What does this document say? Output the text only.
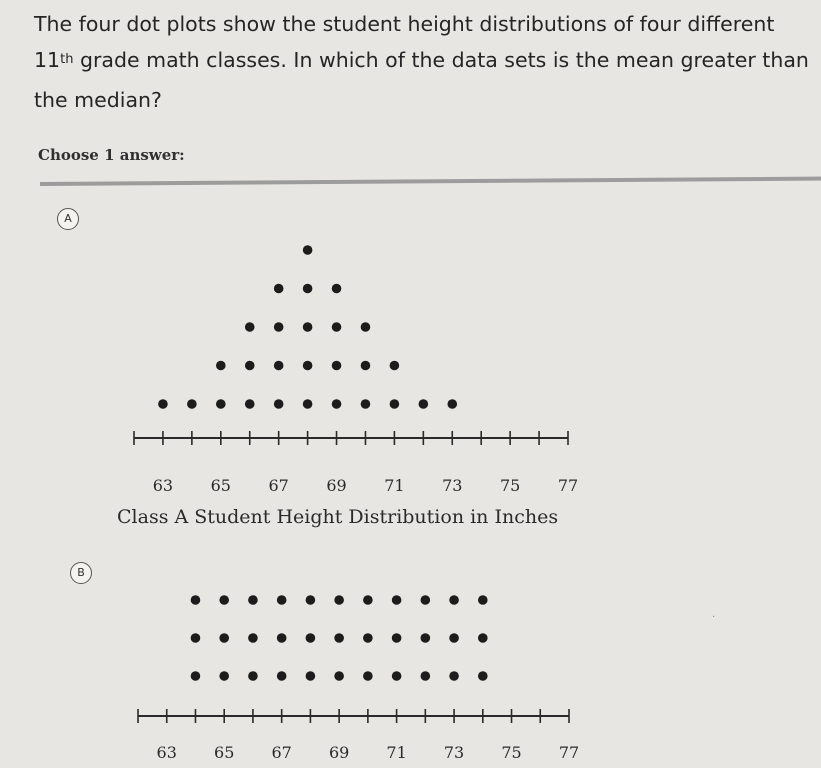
The four dot plots show the student height distributions of four different
11th grade math classes. In which of the data sets is the mean greater than
the median?
Choose 1 answer:
A
63 65 67 69 71 73 75 77
Class A Student Height Distribution in Inches
B
63 65 67 69 71 73 75 77
‧
